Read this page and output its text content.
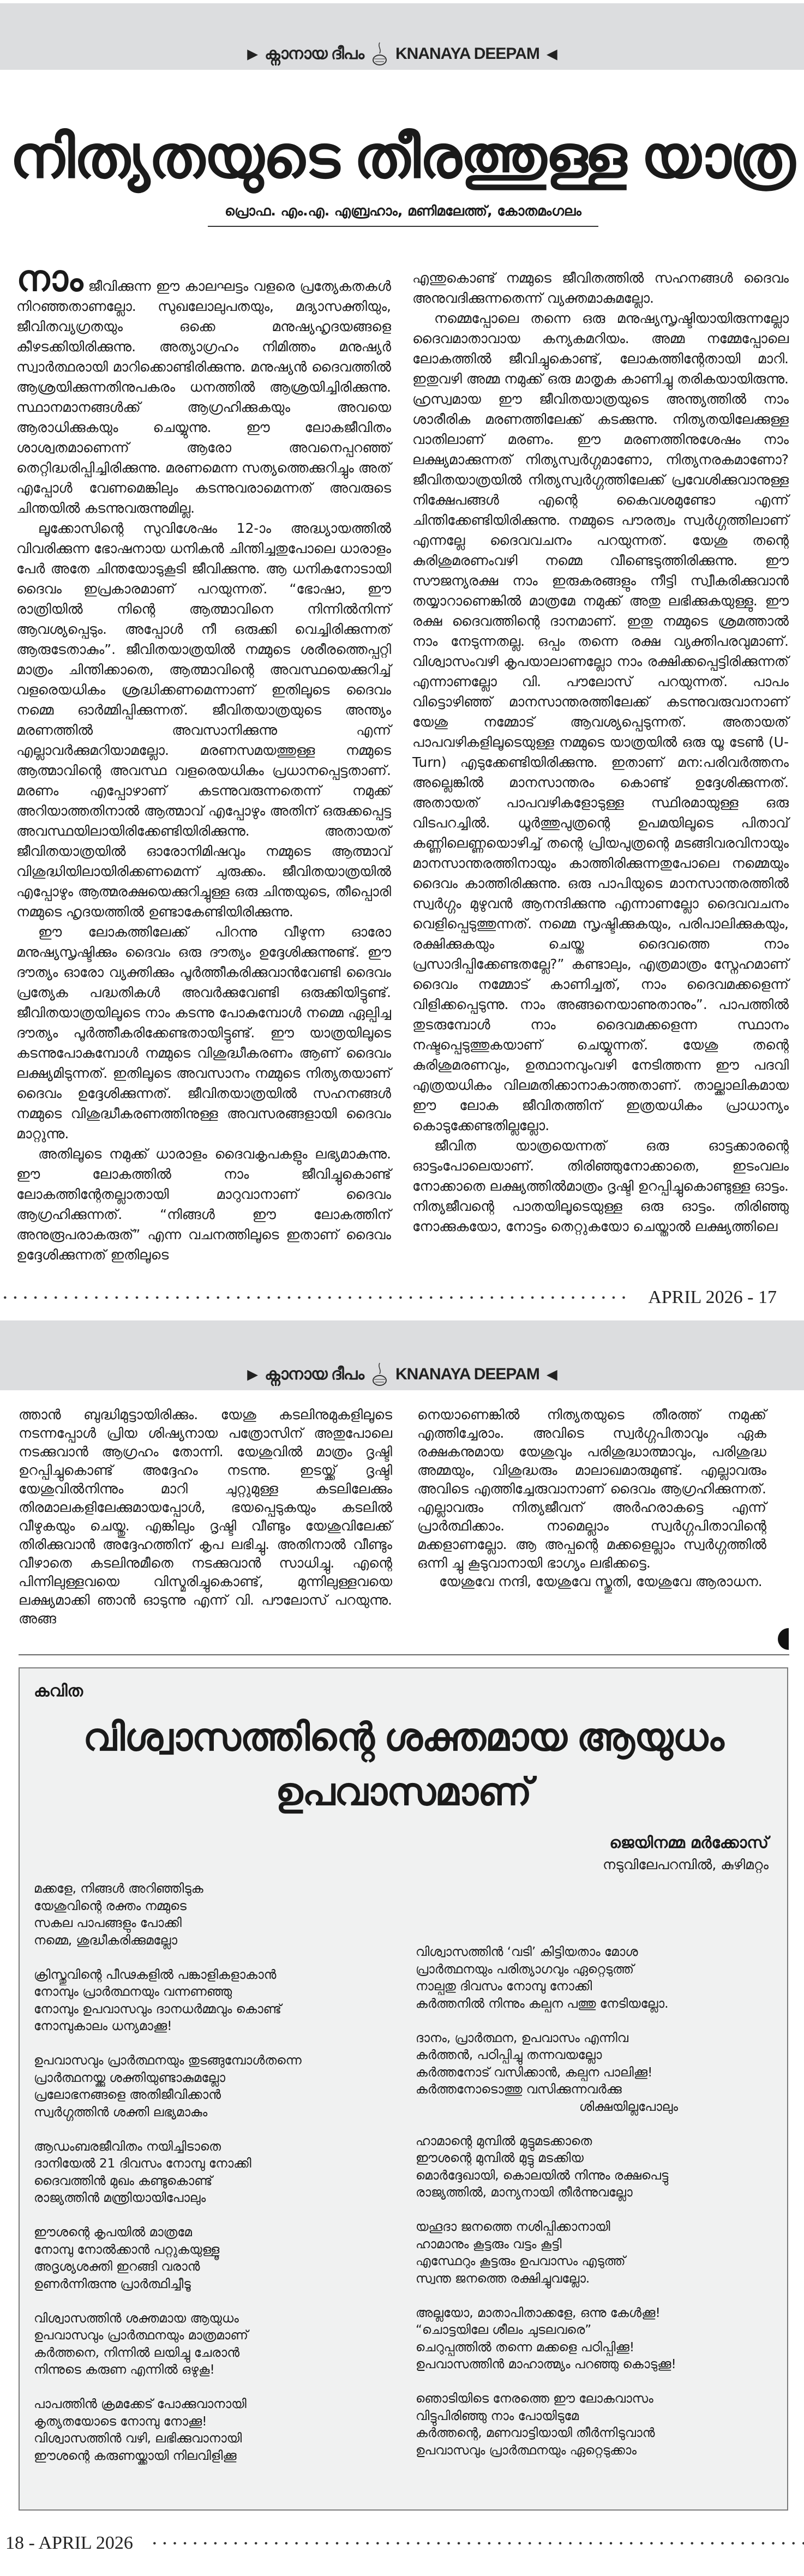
▶ ക്നാനായ ദീപം KNANAYA DEEPAM ◀
നിത്യതയുടെ തീരത്തുള്ള യാത്ര
പ്രൊഫ. എം.എ. എബ്രഹാം, മണിമലേത്ത്, കോതമംഗലം

നാം ജീവിക്കുന്ന ഈ കാലഘട്ടം വളരെ പ്രത്യേകതകൾ നിറഞ്ഞതാണല്ലോ. സുഖലോലുപതയും, മദ്യാസക്തിയും, ജീവിതവ്യഗ്രതയും ഒക്കെ മനുഷ്യഹൃദയങ്ങളെ കീഴടക്കിയിരിക്കുന്നു. അത്യാഗ്രഹം നിമിത്തം മനുഷ്യർ സ്വാർത്ഥരായി മാറിക്കൊണ്ടിരിക്കുന്നു. മനുഷ്യൻ ദൈവത്തിൽ ആശ്രയിക്കുന്നതിനുപകരം ധനത്തിൽ ആശ്രയിച്ചിരിക്കുന്നു. സ്ഥാനമാനങ്ങൾക്ക് ആഗ്രഹിക്കുകയും അവയെ ആരാധിക്കുകയും ചെയ്യുന്നു. ഈ ലോകജീവിതം ശാശ്വതമാണെന്ന് ആരോ അവനെപ്പറഞ്ഞ് തെറ്റിദ്ധരിപ്പിച്ചിരിക്കുന്നു. മരണമെന്ന സത്യത്തെക്കുറിച്ചും അത് എപ്പോൾ വേണമെങ്കിലും കടന്നുവരാമെന്നത് അവരുടെ ചിന്തയിൽ കടന്നുവരുന്നുമില്ല.

ലൂക്കോസിന്റെ സുവിശേഷം 12-ാം അദ്ധ്യായത്തിൽ വിവരിക്കുന്ന ഭോഷനായ ധനികൻ ചിന്തിച്ചതുപോലെ ധാരാളം പേർ അതേ ചിന്തയോടുകൂടി ജീവിക്കുന്നു. ആ ധനികനോടായി ദൈവം ഇപ്രകാരമാണ് പറയുന്നത്. “ഭോഷാ, ഈ രാത്രിയിൽ നിന്റെ ആത്മാവിനെ നിന്നിൽനിന്ന് ആവശ്യപ്പെടും. അപ്പോൾ നീ ഒരുക്കി വെച്ചിരിക്കുന്നത് ആരുടേതാകും”. ജീവിതയാത്രയിൽ നമ്മുടെ ശരീരത്തെപ്പറ്റി മാത്രം ചിന്തിക്കാതെ, ആത്മാവിന്റെ അവസ്ഥയെക്കുറിച്ച് വളരെയധികം ശ്രദ്ധിക്കണമെന്നാണ് ഇതിലൂടെ ദൈവം നമ്മെ ഓർമ്മിപ്പിക്കുന്നത്. ജീവിതയാത്രയുടെ അന്ത്യം മരണത്തിൽ അവസാനിക്കുന്നു എന്ന് എല്ലാവർക്കുമറിയാമല്ലോ. മരണസമയത്തുള്ള നമ്മുടെ ആത്മാവിന്റെ അവസ്ഥ വളരെയധികം പ്രധാനപ്പെട്ടതാണ്. മരണം എപ്പോഴാണ് കടന്നുവരുന്നതെന്ന് നമുക്ക് അറിയാത്തതിനാൽ ആത്മാവ് എപ്പോഴും അതിന് ഒരുക്കപ്പെട്ട അവസ്ഥയിലായിരിക്കേണ്ടിയിരിക്കുന്നു. അതായത് ജീവിതയാത്രയിൽ ഓരോനിമിഷവും നമ്മുടെ ആത്മാവ് വിശുദ്ധിയിലായിരിക്കണമെന്ന് ചുരുക്കം. ജീവിതയാത്രയിൽ എപ്പോഴും ആത്മരക്ഷയെക്കുറിച്ചുള്ള ഒരു ചിന്തയുടെ, തീപ്പൊരി നമ്മുടെ ഹൃദയത്തിൽ ഉണ്ടാകേണ്ടിയിരിക്കുന്നു.

ഈ ലോകത്തിലേക്ക് പിറന്നു വീഴുന്ന ഓരോ മനുഷ്യസൃഷ്ടിക്കും ദൈവം ഒരു ദൗത്യം ഉദ്ദേശിക്കുന്നുണ്ട്. ഈ ദൗത്യം ഓരോ വ്യക്തിക്കും പൂർത്തീകരിക്കുവാൻവേണ്ടി ദൈവം പ്രത്യേക പദ്ധതികൾ അവർക്കുവേണ്ടി ഒരുക്കിയിട്ടുണ്ട്. ജീവിതയാത്രയിലൂടെ നാം കടന്നു പോകുമ്പോൾ നമ്മെ ഏല്പിച്ച ദൗത്യം പൂർത്തീകരിക്കേണ്ടതായിട്ടുണ്ട്. ഈ യാത്രയിലൂടെ കടന്നുപോകുമ്പോൾ നമ്മുടെ വിശുദ്ധീകരണം ആണ് ദൈവം ലക്ഷ്യമിടുന്നത്. ഇതിലൂടെ അവസാനം നമ്മുടെ നിത്യതയാണ് ദൈവം ഉദ്ദേശിക്കുന്നത്. ജീവിതയാത്രയിൽ സഹനങ്ങൾ നമ്മുടെ വിശുദ്ധീകരണത്തിനുള്ള അവസരങ്ങളായി ദൈവം മാറ്റുന്നു.

അതിലൂടെ നമുക്ക് ധാരാളം ദൈവകൃപകളും ലഭ്യമാകുന്നു. ഈ ലോകത്തിൽ നാം ജീവിച്ചുകൊണ്ട് ലോകത്തിന്റേതല്ലാതായി മാറുവാനാണ് ദൈവം ആഗ്രഹിക്കുന്നത്. “നിങ്ങൾ ഈ ലോകത്തിന് അനുരൂപരാകരുത്” എന്ന വചനത്തിലൂടെ ഇതാണ് ദൈവം ഉദ്ദേശിക്കുന്നത് ഇതിലൂടെ

എന്തുകൊണ്ട് നമ്മുടെ ജീവിതത്തിൽ സഹനങ്ങൾ ദൈവം അനുവദിക്കുന്നതെന്ന് വ്യക്തമാകുമല്ലോ.

നമ്മെപ്പോലെ തന്നെ ഒരു മനുഷ്യസൃഷ്ടിയായിരുന്നല്ലോ ദൈവമാതാവായ കന്യകമറിയം. അമ്മ നമ്മേപ്പോലെ ലോകത്തിൽ ജീവിച്ചുകൊണ്ട്, ലോകത്തിന്റേതായി മാറി. ഇതുവഴി അമ്മ നമുക്ക് ഒരു മാതൃക കാണിച്ചു തരികയായിരുന്നു. ഹ്രസ്വമായ ഈ ജീവിതയാത്രയുടെ അന്ത്യത്തിൽ നാം ശാരീരിക മരണത്തിലേക്ക് കടക്കുന്നു. നിത്യതയിലേക്കുള്ള വാതിലാണ് മരണം. ഈ മരണത്തിനുശേഷം നാം ലക്ഷ്യമാക്കുന്നത് നിത്യസ്വർഗ്ഗമാണോ, നിത്യനരകമാണോ? ജീവിതയാത്രയിൽ നിത്യസ്വർഗ്ഗത്തിലേക്ക് പ്രവേശിക്കുവാനുള്ള നിക്ഷേപങ്ങൾ എന്റെ കൈവശമുണ്ടോ എന്ന് ചിന്തിക്കേണ്ടിയിരിക്കുന്നു. നമ്മുടെ പൗരത്വം സ്വർഗ്ഗത്തിലാണ് എന്നല്ലേ ദൈവവചനം പറയുന്നത്. യേശു തന്റെ കുരിശുമരണംവഴി നമ്മെ വീണ്ടെടുത്തിരിക്കുന്നു. ഈ സൗജന്യരക്ഷ നാം ഇരുകരങ്ങളും നീട്ടി സ്വീകരിക്കുവാൻ തയ്യാറാണെങ്കിൽ മാത്രമേ നമുക്ക് അതു ലഭിക്കുകയുള്ളു. ഈ രക്ഷ ദൈവത്തിന്റെ ദാനമാണ്. ഇതു നമ്മുടെ ശ്രമത്താൽ നാം നേടുന്നതല്ല. ഒപ്പം തന്നെ രക്ഷ വ്യക്തിപരവുമാണ്. വിശ്വാസംവഴി കൃപയാലാണല്ലോ നാം രക്ഷിക്കപ്പെട്ടിരിക്കുന്നത് എന്നാണല്ലോ വി. പൗലോസ് പറയുന്നത്. പാപം വിട്ടൊഴിഞ്ഞ് മാനസാന്തരത്തിലേക്ക് കടന്നുവരുവാനാണ് യേശു നമ്മോട് ആവശ്യപ്പെടുന്നത്. അതായത് പാപവഴികളിലൂടെയുള്ള നമ്മുടെ യാത്രയിൽ ഒരു യൂ ടേൺ (U- Turn) എടുക്കേണ്ടിയിരിക്കുന്നു. ഇതാണ് മന:പരിവർത്തനം അല്ലെങ്കിൽ മാനസാന്തരം കൊണ്ട് ഉദ്ദേശിക്കുന്നത്. അതായത് പാപവഴികളോടുള്ള സ്ഥിരമായുള്ള ഒരു വിടപറച്ചിൽ. ധൂർത്തുപുത്രന്റെ ഉപമയിലൂടെ പിതാവ് കണ്ണിലെണ്ണയൊഴിച്ച് തന്റെ പ്രിയപുത്രന്റെ മടങ്ങിവരവിനായും മാനസാന്തരത്തിനായും കാത്തിരിക്കുന്നതുപോലെ നമ്മെയും ദൈവം കാത്തിരിക്കുന്നു. ഒരു പാപിയുടെ മാനസാന്തരത്തിൽ സ്വർഗ്ഗം മുഴുവൻ ആനന്ദിക്കുന്നു എന്നാണല്ലോ ദൈവവചനം വെളിപ്പെടുത്തുന്നത്. നമ്മെ സൃഷ്ടിക്കുകയും, പരിപാലിക്കുകയും, രക്ഷിക്കുകയും ചെയ്ത ദൈവത്തെ നാം പ്രസാദിപ്പിക്കേണ്ടതല്ലേ?” കണ്ടാലും, എത്രമാത്രം സ്നേഹമാണ് ദൈവം നമ്മോട് കാണിച്ചത്, നാം ദൈവമക്കളെന്ന് വിളിക്കപ്പെടുന്നു. നാം അങ്ങനെയാണുതാനും”. പാപത്തിൽ തുടരുമ്പോൾ നാം ദൈവമക്കളെന്ന സ്ഥാനം നഷ്ടപ്പെടുത്തുകയാണ് ചെയ്യുന്നത്. യേശു തന്റെ കുരിശുമരണവും, ഉത്ഥാനവുംവഴി നേടിത്തന്ന ഈ പദവി എത്രയധികം വിലമതിക്കാനാകാത്തതാണ്. താല്ക്കാലികമായ ഈ ലോക ജീവിതത്തിന് ഇത്രയധികം പ്രാധാന്യം കൊടുക്കേണ്ടതില്ലല്ലോ.

ജീവിത യാത്രയെന്നത് ഒരു ഓട്ടക്കാരന്റെ ഓട്ടംപോലെയാണ്. തിരിഞ്ഞുനോക്കാതെ, ഇടംവലം നോക്കാതെ ലക്ഷ്യത്തിൽമാത്രം ദൃഷ്ടി ഉറപ്പിച്ചുകൊണ്ടുള്ള ഓട്ടം. നിത്യജീവന്റെ പാതയിലൂടെയുള്ള ഒരു ഓട്ടം. തിരിഞ്ഞു നോക്കുകയോ, നോട്ടം തെറ്റുകയോ ചെയ്താൽ ലക്ഷ്യത്തിലെ

APRIL 2026 - 17
▶ ക്നാനായ ദീപം KNANAYA DEEPAM ◀

ത്താൻ ബുദ്ധിമുട്ടായിരിക്കും. യേശു കടലിനുമുകളിലൂടെ നടന്നപ്പോൾ പ്രിയ ശിഷ്യനായ പത്രോസിന് അതുപോലെ നടക്കുവാൻ ആഗ്രഹം തോന്നി. യേശുവിൽ മാത്രം ദൃഷ്ടി ഉറപ്പിച്ചുകൊണ്ട് അദ്ദേഹം നടന്നു. ഇടയ്ക്ക് ദൃഷ്ടി യേശുവിൽനിന്നും മാറി ചുറ്റുമുള്ള കടലിലേക്കും തിരമാലകളിലേക്കുമായപ്പോൾ, ഭയപ്പെടുകയും കടലിൽ വീഴുകയും ചെയ്തു. എങ്കിലും ദൃഷ്ടി വീണ്ടും യേശുവിലേക്ക് തിരിക്കുവാൻ അദ്ദേഹത്തിന് കൃപ ലഭിച്ചു. അതിനാൽ വീണ്ടും വീഴാതെ കടലിനുമീതെ നടക്കുവാൻ സാധിച്ചു. എന്റെ പിന്നിലുള്ളവയെ വിസ്മരിച്ചുകൊണ്ട്, മുന്നിലുള്ളവയെ ലക്ഷ്യമാക്കി ഞാൻ ഓടുന്നു എന്ന് വി. പൗലോസ് പറയുന്നു. അങ്ങ

നെയാണെങ്കിൽ നിത്യതയുടെ തീരത്ത് നമുക്ക് എത്തിച്ചേരാം. അവിടെ സ്വർഗ്ഗപിതാവും ഏക രക്ഷകനുമായ യേശുവും പരിശുദ്ധാത്മാവും, പരിശുദ്ധ അമ്മയും, വിശുദ്ധരും മാലാഖമാരുമുണ്ട്. എല്ലാവരും അവിടെ എത്തിച്ചേരുവാനാണ് ദൈവം ആഗ്രഹിക്കുന്നത്. എല്ലാവരും നിത്യജീവന് അർഹരാകട്ടെ എന്ന് പ്രാർത്ഥിക്കാം. നാമെല്ലാം സ്വർഗ്ഗപിതാവിന്റെ മക്കളാണല്ലോ. ആ അപ്പന്റെ മക്കളെല്ലാം സ്വർഗ്ഗത്തിൽ ഒന്നി ച്ചു കൂടുവാനായി ഭാഗ്യം ലഭിക്കട്ടെ.

യേശുവേ നന്ദി, യേശുവേ സ്തുതി, യേശുവേ ആരാധന.

കവിത
വിശ്വാസത്തിന്റെ ശക്തമായ ആയുധം ഉപവാസമാണ്
ജെയിനമ്മ മർക്കോസ്
നടുവിലേപറമ്പിൽ, കുഴിമറ്റം
മക്കളേ, നിങ്ങൾ അറിഞ്ഞിടുക
യേശുവിന്റെ രക്തം നമ്മുടെ
സകല പാപങ്ങളും പോക്കി
നമ്മെ, ശുദ്ധീകരിക്കുമല്ലോ
ക്രിസ്തുവിന്റെ പീഢകളിൽ പങ്കാളികളാകാൻ
നോമ്പും പ്രാർത്ഥനയും വന്നണഞ്ഞു
നോമ്പും ഉപവാസവും ദാനധർമ്മവും കൊണ്ട്
നോമ്പുകാലം ധന്യമാക്കൂ!
ഉപവാസവും പ്രാർത്ഥനയും തുടങ്ങുമ്പോൾതന്നെ
പ്രാർത്ഥനയ്ക്കു ശക്തിയുണ്ടാകുമല്ലോ
പ്രലോഭനങ്ങളെ അതിജീവിക്കാൻ
സ്വർഗ്ഗത്തിൻ ശക്തി ലഭ്യമാകും
ആഡംബരജീവിതം നയിച്ചിടാതെ
ദാനിയേൽ 21 ദിവസം നോമ്പു നോക്കി
ദൈവത്തിൻ മുഖം കണ്ടുകൊണ്ട്
രാജ്യത്തിൻ മന്ത്രിയായിപോലും
ഈശന്റെ കൃപയിൽ മാത്രമേ
നോമ്പു നോൽക്കാൻ പറ്റുകയുള്ളൂ
അദൃശ്യശക്തി ഇറങ്ങി വരാൻ
ഉണർന്നിരുന്നു പ്രാർത്ഥിച്ചീടൂ
വിശ്വാസത്തിൻ ശക്തമായ ആയുധം
ഉപവാസവും പ്രാർത്ഥനയും മാത്രമാണ്
കർത്തനെ, നിന്നിൽ ലയിച്ചു ചേരാൻ
നിന്നുടെ കരുണ എന്നിൽ ഒഴുകൂ!
പാപത്തിൻ ക്രമക്കേട് പോക്കുവാനായി
കൃത്യതയോടെ നോമ്പു നോക്കൂ!
വിശ്വാസത്തിൻ വഴി, ലഭിക്കുവാനായി
ഈശന്റെ കരുണയ്ക്കായി നിലവിളിക്കൂ
വിശ്വാസത്തിൻ ‘വടി’ കിട്ടിയതാം മോശ
പ്രാർത്ഥനയും പരിത്യാഗവും ഏറ്റെടുത്ത്
നാല്പതു ദിവസം നോമ്പു നോക്കി
കർത്തനിൽ നിന്നും കല്പന പത്തു നേടിയല്ലോ.
ദാനം, പ്രാർത്ഥന, ഉപവാസം എന്നിവ
കർത്തൻ, പഠിപ്പിച്ചു തന്നവയല്ലോ
കർത്തനോട് വസിക്കാൻ, കല്പന പാലിക്കൂ!
കർത്തനോടൊത്തു വസിക്കുന്നവർക്കു
ശിക്ഷയില്ലപോലും
ഹാമാന്റെ മുമ്പിൽ മുട്ടുമടക്കാതെ
ഈശന്റെ മുമ്പിൽ മുട്ടു മടക്കിയ
മൊർദ്ദേഖായി, കൊലയിൽ നിന്നും രക്ഷപെട്ടു
രാജ്യത്തിൽ, മാന്യനായി തീർന്നുവല്ലോ
യഹൂദാ ജനത്തെ നശിപ്പിക്കാനായി
ഹാമാനും കൂട്ടരും വട്ടം കൂട്ടി
എസ്ഥേറും കൂട്ടരും ഉപവാസം എടുത്ത്
സ്വന്ത ജനത്തെ രക്ഷിച്ചുവല്ലോ.
അല്ലയോ, മാതാപിതാക്കളേ, ഒന്നു കേൾക്കൂ!
“ചൊട്ടയിലേ ശീലം ചുടലവരെ”
ചെറുപ്പത്തിൽ തന്നെ മക്കളെ പഠിപ്പിക്കൂ!
ഉപവാസത്തിൻ മാഹാത്മ്യം പറഞ്ഞു കൊടുക്കൂ!
ഞൊടിയിടെ നേരത്തെ ഈ ലോകവാസം
വിട്ടുപിരിഞ്ഞു നാം പോയിടുമേ
കർത്തന്റെ, മണവാട്ടിയായി തീർന്നിടുവാൻ
ഉപവാസവും പ്രാർത്ഥനയും ഏറ്റെടുക്കാം
18 - APRIL 2026
